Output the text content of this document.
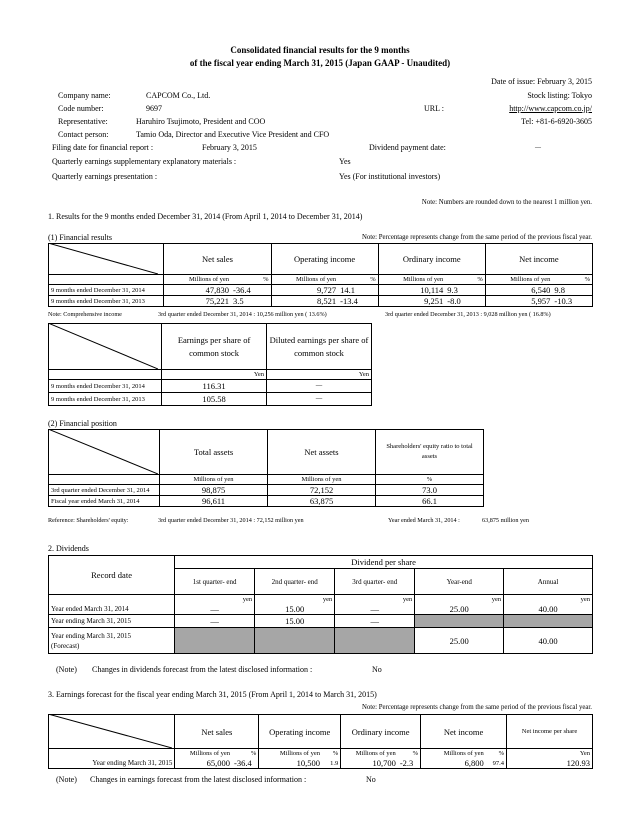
Consolidated financial results for the 9 months
of the fiscal year ending March 31, 2015 (Japan GAAP - Unaudited)
Date of issue: February 3, 2015
Stock listing: Tokyo
Company name:	CAPCOM Co., Ltd.
Code number:	9697	URL :	http://www.capcom.co.jp/
Representative:	Haruhiro Tsujimoto, President and COO	Tel: +81-6-6920-3605
Contact person:	Tamio Oda, Director and Executive Vice President and CFO
Filing date for financial report :	February 3, 2015	Dividend payment date:	－
Quarterly earnings supplementary explanatory materials :	Yes
Quarterly earnings presentation :	Yes (For institutional investors)
Note: Numbers are rounded down to the nearest 1 million yen.
1. Results for the 9 months ended December 31, 2014 (From April 1, 2014 to December 31, 2014)
(1) Financial results	Note: Percentage represents change from the same period of the previous fiscal year.
	Net sales		Operating income		Ordinary income		Net income	
	Millions of yen	%	Millions of yen	%	Millions of yen	%	Millions of yen	%
9 months ended December 31, 2014	47,830	-36.4	9,727	14.1	10,114	9.3	6,540	9.8
9 months ended December 31, 2013	75,221	3.5	8,521	-13.4	9,251	-8.0	5,957	-10.3
Note: Comprehensive income	3rd quarter ended December 31, 2014 : 10,256 million yen ( 13.6%)	3rd quarter ended December 31, 2013 : 9,028 million yen ( 16.8%)
	Earnings per share of common stock	Diluted earnings per share of common stock
	Yen	Yen
9 months ended December 31, 2014	116.31	－
9 months ended December 31, 2013	105.58	－
(2) Financial position
	Total assets	Net assets	Shareholders' equity ratio to total assets
	Millions of yen	Millions of yen	%
3rd quarter ended December 31, 2014	98,875	72,152	73.0
Fiscal year ended March 31, 2014	96,611	63,875	66.1
Reference: Shareholders' equity:	3rd quarter ended December 31, 2014 : 72,152 million yen	Year ended March 31, 2014 :	63,875 million yen
2. Dividends
Record date	Dividend per share				
	1st quarter- end	2nd quarter- end	3rd quarter- end	Year-end	Annual
	yen	yen	yen	yen	yen
Year ended March 31, 2014	—	15.00	—	25.00	40.00
Year ending March 31, 2015	—	15.00	—		
Year ending March 31, 2015
(Forecast)				25.00	40.00
(Note) Changes in dividends forecast from the latest disclosed information :	No
3. Earnings forecast for the fiscal year ending March 31, 2015 (From April 1, 2014 to March 31, 2015)
Note: Percentage represents change from the same period of the previous fiscal year.
	Net sales		Operating income		Ordinary income		Net income		Net income per share
	Millions of yen	%	Millions of yen	%	Millions of yen	%	Millions of yen	%	Yen
Year ending March 31, 2015	65,000	-36.4	10,500	1.9	10,700	-2.3	6,800	97.4	120.93
(Note) Changes in earnings forecast from the latest disclosed information :	No
